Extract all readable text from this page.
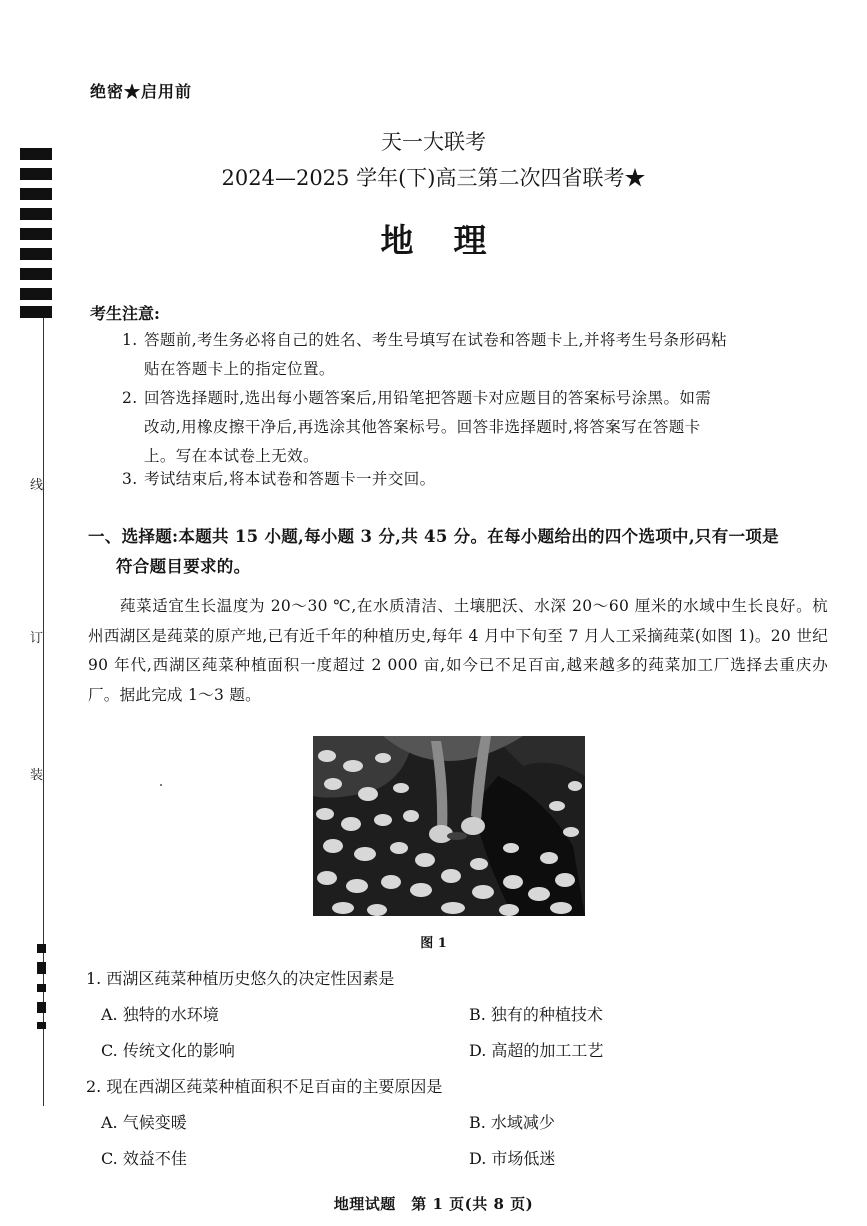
线
订
装
绝密★启用前
天一大联考
2024—2025 学年(下)高三第二次四省联考★
地理
考生注意:
1. 答题前,考生务必将自己的姓名、考生号填写在试卷和答题卡上,并将考生号条形码粘
贴在答题卡上的指定位置。
2. 回答选择题时,选出每小题答案后,用铅笔把答题卡对应题目的答案标号涂黑。如需
改动,用橡皮擦干净后,再选涂其他答案标号。回答非选择题时,将答案写在答题卡
上。写在本试卷上无效。
3. 考试结束后,将本试卷和答题卡一并交回。
一、选择题:本题共 15 小题,每小题 3 分,共 45 分。在每小题给出的四个选项中,只有一项是
符合题目要求的。
莼菜适宜生长温度为 20～30 ℃,在水质清洁、土壤肥沃、水深 20～60 厘米的水域中生长良好。杭州西湖区是莼菜的原产地,已有近千年的种植历史,每年 4 月中下旬至 7 月人工采摘莼菜(如图 1)。20 世纪 90 年代,西湖区莼菜种植面积一度超过 2 000 亩,如今已不足百亩,越来越多的莼菜加工厂选择去重庆办厂。据此完成 1～3 题。
图 1
1. 西湖区莼菜种植历史悠久的决定性因素是
A. 独特的水环境	B. 独有的种植技术
C. 传统文化的影响	D. 高超的加工工艺
2. 现在西湖区莼菜种植面积不足百亩的主要原因是
A. 气候变暖	B. 水域减少
C. 效益不佳	D. 市场低迷
地理试题　第 1 页(共 8 页)
